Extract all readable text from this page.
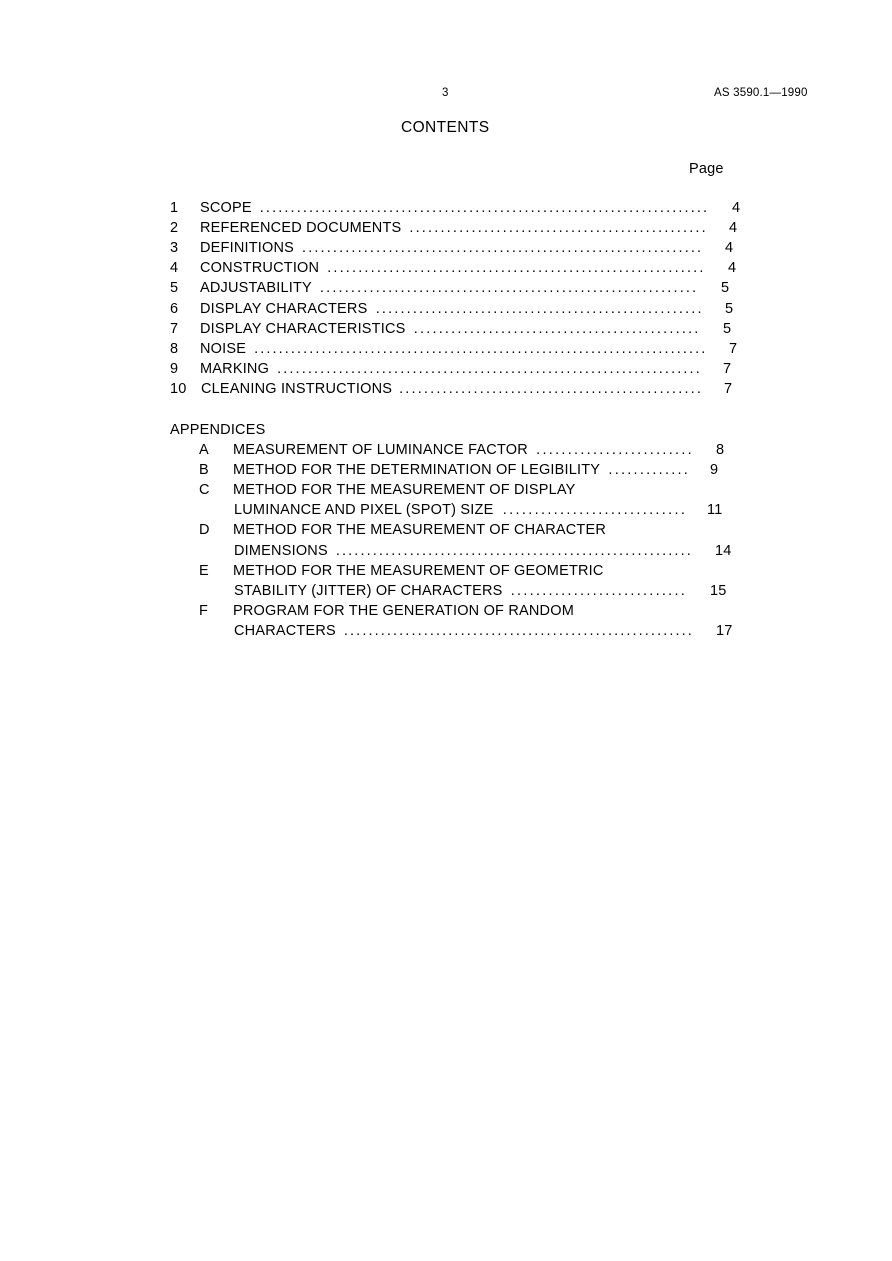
3	AS 3590.1—1990
CONTENTS
Page
1 SCOPE . . . . . . . . . . . . . . . . . . . . . . . . . . . . . . . . . . . . . . . . . . . . . . . . . . . . . . . . . . . . . . . . . . . . . . . . . 4
2 REFERENCED DOCUMENTS . . . . . . . . . . . . . . . . . . . . . . . . . . . . . . . . . . . . . . . . . . . . . . . . 4
3 DEFINITIONS . . . . . . . . . . . . . . . . . . . . . . . . . . . . . . . . . . . . . . . . . . . . . . . . . . . . . . . . . . . . . . . . . 4
4 CONSTRUCTION . . . . . . . . . . . . . . . . . . . . . . . . . . . . . . . . . . . . . . . . . . . . . . . . . . . . . . . . . . . . . 4
5 ADJUSTABILITY . . . . . . . . . . . . . . . . . . . . . . . . . . . . . . . . . . . . . . . . . . . . . . . . . . . . . . . . . . . . . 5
6 DISPLAY CHARACTERS . . . . . . . . . . . . . . . . . . . . . . . . . . . . . . . . . . . . . . . . . . . . . . . . . . . . . 5
7 DISPLAY CHARACTERISTICS . . . . . . . . . . . . . . . . . . . . . . . . . . . . . . . . . . . . . . . . . . . . . . 5
8 NOISE . . . . . . . . . . . . . . . . . . . . . . . . . . . . . . . . . . . . . . . . . . . . . . . . . . . . . . . . . . . . . . . . . . . . . . . . . . 7
9 MARKING . . . . . . . . . . . . . . . . . . . . . . . . . . . . . . . . . . . . . . . . . . . . . . . . . . . . . . . . . . . . . . . . . . . . . 7
10 CLEANING INSTRUCTIONS . . . . . . . . . . . . . . . . . . . . . . . . . . . . . . . . . . . . . . . . . . . . . . . . . 7
APPENDICES
A MEASUREMENT OF LUMINANCE FACTOR . . . . . . . . . . . . . . . . . . . . . . . . . 8
B METHOD FOR THE DETERMINATION OF LEGIBILITY . . . . . . . . . . . . . 9
C METHOD FOR THE MEASUREMENT OF DISPLAY
LUMINANCE AND PIXEL (SPOT) SIZE . . . . . . . . . . . . . . . . . . . . . . . . . . . . . 11
D METHOD FOR THE MEASUREMENT OF CHARACTER
DIMENSIONS . . . . . . . . . . . . . . . . . . . . . . . . . . . . . . . . . . . . . . . . . . . . . . . . . . . . . . . . . . 14
E METHOD FOR THE MEASUREMENT OF GEOMETRIC
STABILITY (JITTER) OF CHARACTERS . . . . . . . . . . . . . . . . . . . . . . . . . . . . 15
F PROGRAM FOR THE GENERATION OF RANDOM
CHARACTERS . . . . . . . . . . . . . . . . . . . . . . . . . . . . . . . . . . . . . . . . . . . . . . . . . . . . . . . . . 17
